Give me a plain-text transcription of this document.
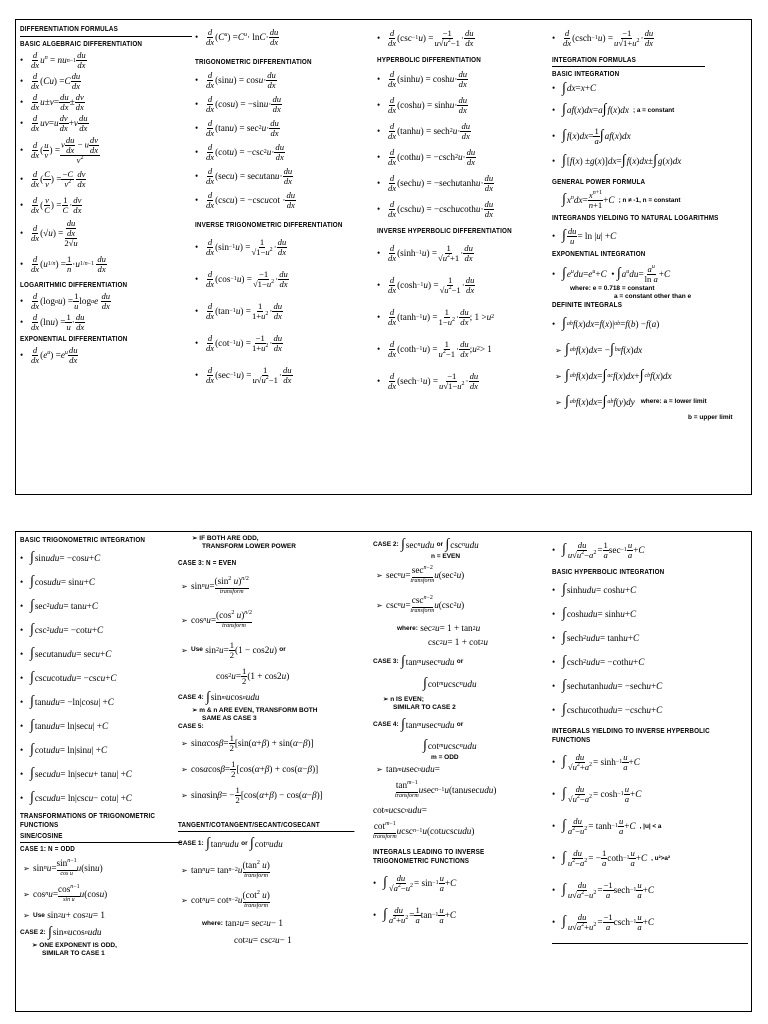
DIFFERENTIATION FORMULAS
BASIC ALGEBRAIC DIFFERENTIATION
•	d
dx $u^n$ = nu n−1
du
dx
•	d
dx ( Cu ) = C du
dx
•	d
dx u ± v = du
dx ± dv
dx
•	d
dx uv = u dv
dx + v du
dx
•	d
dx ( u
v ) =
v $\frac{du}{dx} - u \frac{dv}{dx}$
$v^2$
•	d
dx ( C
v ) = −C
$v^2$

dv
dx
•	d
dx ( v
C ) = 1
C · dv
dx
•	d
dx (√ u ) = $\frac{du}{dx}$
2√u
•	d
dx ( u 1/n ) = 1
n · u 1/n−1

du
dx
LOGARITHMIC DIFFERENTIATION
•	d
dx (log a u ) = 1
u log a e
du
dx
•	d
dx (ln u ) = 1
u · du
dx
EXPONENTIAL DIFFERENTIATION
•	d
dx ( $e^u$ ) = $e^u$ du
dx
•	d
dx ( $C^u$ ) = $C^u \cdot \ln C$ · du
dx
TRIGONOMETRIC DIFFERENTIATION
•	d
dx (sin u ) = cos u · du
dx
•	d
dx (cos u ) = −sin u · du
dx
•	d
dx (tan u ) = sec 2 u · du
dx
•	d
dx (cot u ) = −csc 2 u · du
dx
•	d
dx (sec u ) = sec u tan u · du
dx
•	d
dx (csc u ) = −csc u cot · du
dx
INVERSE TRIGONOMETRIC DIFFERENTIATION
•	d
dx (sin −1 u ) = 1
$√1-u^2$ · du
dx
•	d
dx (cos −1 u ) = −1
$√1-u^2$ · du
dx
•	d
dx (tan −1 u ) = 1
$1+u^2$ · du
dx
•	d
dx (cot −1 u ) = −1
$1+u^2$ · du
dx
•	d
dx (sec −1 u ) = 1
$u√u^2-1$ · du
dx
•	d
dx (csc −1 u ) = −1
$u√u^2-1$ · du
dx
HYPERBOLIC DIFFERENTIATION
•	d
dx (sinh u ) = cosh u · du
dx
•	d
dx (cosh u ) = sinh u · du
dx
•	d
dx (tanh u ) = sech 2 u · du
dx
•	d
dx (coth u ) = −csch 2 u · du
dx
•	d
dx (sech u ) = −sech u tanh u · du
dx
•	d
dx (csch u ) = −csch u coth u · du
dx
INVERSE HYPERBOLIC DIFFERENTIATION
•	d
dx (sinh −1 u ) = 1
$√u^2+1$ · du
dx
•	d
dx (cosh −1 u ) = 1
$√u^2-1$ · du
dx
•	d
dx (tanh −1 u ) = 1
$1-u^2$ · du
dx ; 1 > u 2
•	d
dx (coth −1 u ) = 1
$u^2-1$ · du
dx ; u 2 > 1
•	d
dx (sech −1 u ) = −1
$u√1-u^2$ · du
dx
•	d
dx (csch −1 u ) = −1
$u√1+u^2$ · du
dx
INTEGRATION FORMULAS
BASIC INTEGRATION
• ∫ dx = x + C
• ∫ af ( x ) dx = a ∫ f ( x ) dx ; a = constant
• ∫ f ( x ) dx = 1
a ∫ af ( x ) dx
• ∫ [ f ( x ) ± g ( x )] dx = ∫ f ( x ) dx ± ∫ g ( x ) dx
GENERAL POWER FORMULA
∫ $x^ndx = x^{n+1}$
n+1 + C ; n ≠ -1, n = constant
INTEGRANDS YIELDING TO NATURAL LOGARITHMS
• ∫ du
u = ln | u | + C
EXPONENTIAL INTEGRATION
• ∫ $e^udu = e^u + C$ • ∫ $a^udu = a^u$
ln a + C
where: e = 0.718 = constant
a = constant other than e
DEFINITE INTEGRALS
• ∫ a b f ( x ) dx = f ( x )| a b = f ( b ) − f ( a )
➢ ∫ a b f ( x ) dx = − ∫ b a f ( x ) dx
➢ ∫ a b f ( x ) dx = ∫ a c f ( x ) dx + ∫ c b f ( x ) dx
➢ ∫ a b f ( x ) dx = ∫ a b f ( y ) dy where: a = lower limit
b = upper limit
BASIC TRIGONOMETRIC INTEGRATION
• ∫ sin udu = −cos u + C
• ∫ cos udu = sin u + C
• ∫ sec 2 udu = tan u + C
• ∫ csc 2 udu = −cot u + C
• ∫ sec u tan udu = sec u + C
• ∫ csc u cot udu = −csc u + C
• ∫ tan udu = −ln|cos u | + C
• ∫ tan udu = ln|sec u | + C
• ∫ cot udu = ln|sin u | + C
• ∫ sec udu = ln|sec u + tan u | + C
• ∫ csc udu = ln|csc u − cot u | + C
TRANSFORMATIONS OF TRIGONOMETRIC FUNCTIONS
SINE/COSINE
CASE 1: N = ODD
➢ sin n $u = \sin^{n-1}$
cos u
u (sin u )
➢ cos n $u = \cos^{n-1}$
sin u
u (cos u )
➢ Use sin 2 u + cos 2 u = 1
CASE 2:
∫ sin m u cos n udu
➢ ONE EXPONENT IS ODD,
SIMILAR TO CASE 1
➢ IF BOTH ARE ODD,
TRANSFORM LOWER POWER
CASE 3: N = EVEN
➢ sin n $u = (\sin^2$ u)$^{n/2}$
transform
➢ cos n $u = (\cos^2$ u)$^{n/2}$
transform
➢ Use sin 2 u = 1
2 (1 − cos2 u ) or
cos 2 u = 1
2 (1 + cos2 u )
CASE 4:
∫ sin m u cos n udu
➢ m & n ARE EVEN, TRANSFORM BOTH
SAME AS CASE 3
CASE 5:
➢ sin α cos β = 1
2 [sin( α + β ) + sin( α − β )]
➢ cos α cos β = 1
2 [cos( α + β ) + cos( α − β )]
➢ sin α sin β = − 1
2 [cos( α + β ) − cos( α − β )]
TANGENT/COTANGENT/SECANT/COSECANT
CASE 1:
∫ tan n udu
or
∫ cot n udu
➢ tan n u = tan n−2 u ($\tan^2$ u)
transform
➢ cot n u = cot n−2 u ($\cot^2$ u)
transform
where: tan 2 u = sec 2 u − 1
cot 2 u = csc 2 u − 1
CASE 2:
∫ sec n udu
or
∫ csc n udu
n = EVEN
➢ sec n $u = \sec^{n-2}$
transform
u (sec 2 u )
➢ csc n $u = \csc^{n-2}$
transform
u (csc 2 u )
where: sec 2 u = 1 + tan 2 u
csc 2 u = 1 + cot 2 u
CASE 3:
∫ tan m u sec n udu
or
∫ cot m u csc n udu
➢ n IS EVEN;
SIMILAR TO CASE 2
CASE 4:
∫ tan m u sec n udu
or
∫ cot m u csc n udu
m = ODD
➢ tan m u sec n udu =
$\tan^{m-1}$
transform
u sec n−1 u (tan u sec udu )
cot m u csc n udu =
$\cot^{m-1}$
transform
u csc n−1 u (cot u csc udu )
INTEGRALS LEADING TO INVERSE TRIGONOMETRIC FUNCTIONS
• ∫ du
$√a^2-u^2 = \sin -1$
u
a + C
• ∫ du
$a^2+u^2 = 1$
a tan −1
u
a + C
• ∫ du
$u√u^2-a^2 = 1$
a sec −1
u
a + C
BASIC HYPERBOLIC INTEGRATION
• ∫ sinh udu = cosh u + C
• ∫ cosh udu = sinh u + C
• ∫ sech 2 udu = tanh u + C
• ∫ csch 2 udu = −coth u + C
• ∫ sech u tanh udu = −sech u + C
• ∫ csch u coth udu = −csch u + C
INTEGRALS YIELDING TO INVERSE HYPERBOLIC FUNCTIONS
• ∫ du
$√u^2+a^2 = \sinh -1$
u
a + C
• ∫ du
$√u^2-a^2 = \cosh -1$
u
a + C
• ∫ du
$a^2-u^2 = \tanh -1$
u
a + C , |u| < a
• ∫ du
$u^2-a^2$ = − 1
a coth −1
u
a + C , u²>a²
• ∫ du
$u√a^2-u^2 = -1$
a sech −1
u
a + C
• ∫ du
$u√a^2+u^2 = -1$
a csch −1
u
a + C
